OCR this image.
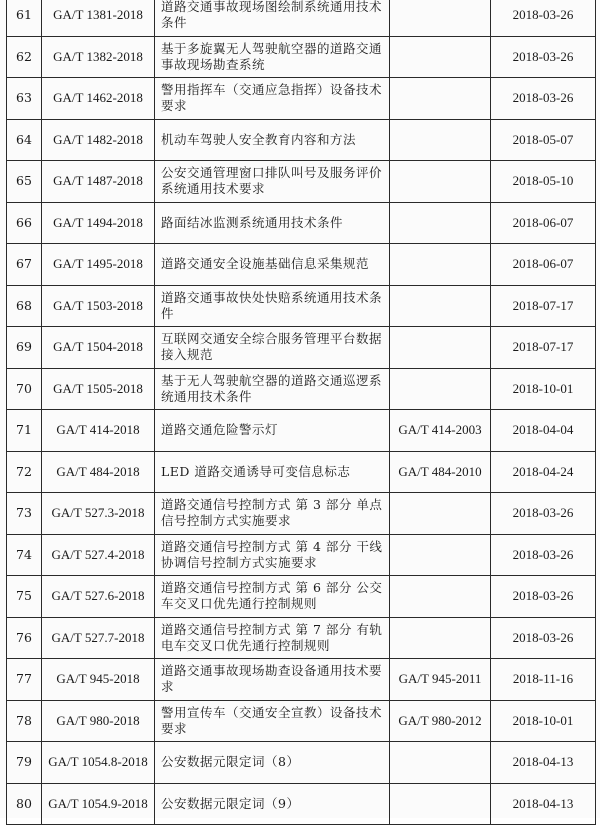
61	GA/T 1381-2018	道路交通事故现场图绘制系统通用技术条件		2018-03-26
62	GA/T 1382-2018	基于多旋翼无人驾驶航空器的道路交通事故现场勘查系统		2018-03-26
63	GA/T 1462-2018	警用指挥车（交通应急指挥）设备技术要求		2018-03-26
64	GA/T 1482-2018	机动车驾驶人安全教育内容和方法		2018-05-07
65	GA/T 1487-2018	公安交通管理窗口排队叫号及服务评价系统通用技术要求		2018-05-10
66	GA/T 1494-2018	路面结冰监测系统通用技术条件		2018-06-07
67	GA/T 1495-2018	道路交通安全设施基础信息采集规范		2018-06-07
68	GA/T 1503-2018	道路交通事故快处快赔系统通用技术条件		2018-07-17
69	GA/T 1504-2018	互联网交通安全综合服务管理平台数据接入规范		2018-07-17
70	GA/T 1505-2018	基于无人驾驶航空器的道路交通巡逻系统通用技术条件		2018-10-01
71	GA/T 414-2018	道路交通危险警示灯	GA/T 414-2003	2018-04-04
72	GA/T 484-2018	LED 道路交通诱导可变信息标志	GA/T 484-2010	2018-04-24
73	GA/T 527.3-2018	道路交通信号控制方式 第 3 部分 单点信号控制方式实施要求		2018-03-26
74	GA/T 527.4-2018	道路交通信号控制方式 第 4 部分 干线协调信号控制方式实施要求		2018-03-26
75	GA/T 527.6-2018	道路交通信号控制方式 第 6 部分 公交车交叉口优先通行控制规则		2018-03-26
76	GA/T 527.7-2018	道路交通信号控制方式 第 7 部分 有轨电车交叉口优先通行控制规则		2018-03-26
77	GA/T 945-2018	道路交通事故现场勘查设备通用技术要求	GA/T 945-2011	2018-11-16
78	GA/T 980-2018	警用宣传车（交通安全宣教）设备技术要求	GA/T 980-2012	2018-10-01
79	GA/T 1054.8-2018	公安数据元限定词（8）		2018-04-13
80	GA/T 1054.9-2018	公安数据元限定词（9）		2018-04-13
